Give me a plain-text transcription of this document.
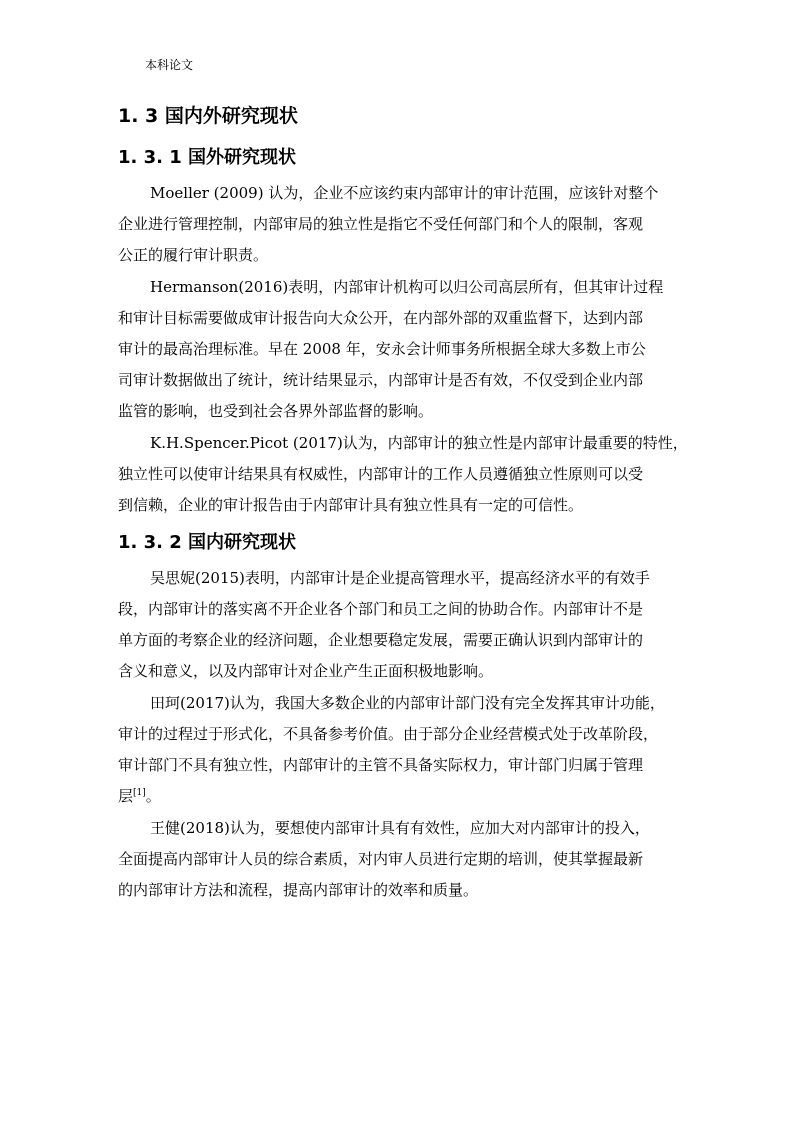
本科论文
1. 3 国内外研究现状
1. 3. 1 国外研究现状
Moeller (2009) 认为，企业不应该约束内部审计的审计范围，应该针对整个
企业进行管理控制，内部审局的独立性是指它不受任何部门和个人的限制，客观
公正的履行审计职责。
Hermanson(2016)表明，内部审计机构可以归公司高层所有，但其审计过程
和审计目标需要做成审计报告向大众公开，在内部外部的双重监督下，达到内部
审计的最高治理标准。早在 2008 年，安永会计师事务所根据全球大多数上市公
司审计数据做出了统计，统计结果显示，内部审计是否有效，不仅受到企业内部
监管的影响，也受到社会各界外部监督的影响。
K.H.Spencer.Picot (2017)认为，内部审计的独立性是内部审计最重要的特性，
独立性可以使审计结果具有权威性，内部审计的工作人员遵循独立性原则可以受
到信赖，企业的审计报告由于内部审计具有独立性具有一定的可信性。
1. 3. 2 国内研究现状
吴思妮(2015)表明，内部审计是企业提高管理水平，提高经济水平的有效手
段，内部审计的落实离不开企业各个部门和员工之间的协助合作。内部审计不是
单方面的考察企业的经济问题，企业想要稳定发展，需要正确认识到内部审计的
含义和意义，以及内部审计对企业产生正面积极地影响。
田珂(2017)认为，我国大多数企业的内部审计部门没有完全发挥其审计功能，
审计的过程过于形式化，不具备参考价值。由于部分企业经营模式处于改革阶段，
审计部门不具有独立性，内部审计的主管不具备实际权力，审计部门归属于管理
层[1]。
王健(2018)认为，要想使内部审计具有有效性，应加大对内部审计的投入，
全面提高内部审计人员的综合素质，对内审人员进行定期的培训，使其掌握最新
的内部审计方法和流程，提高内部审计的效率和质量。
